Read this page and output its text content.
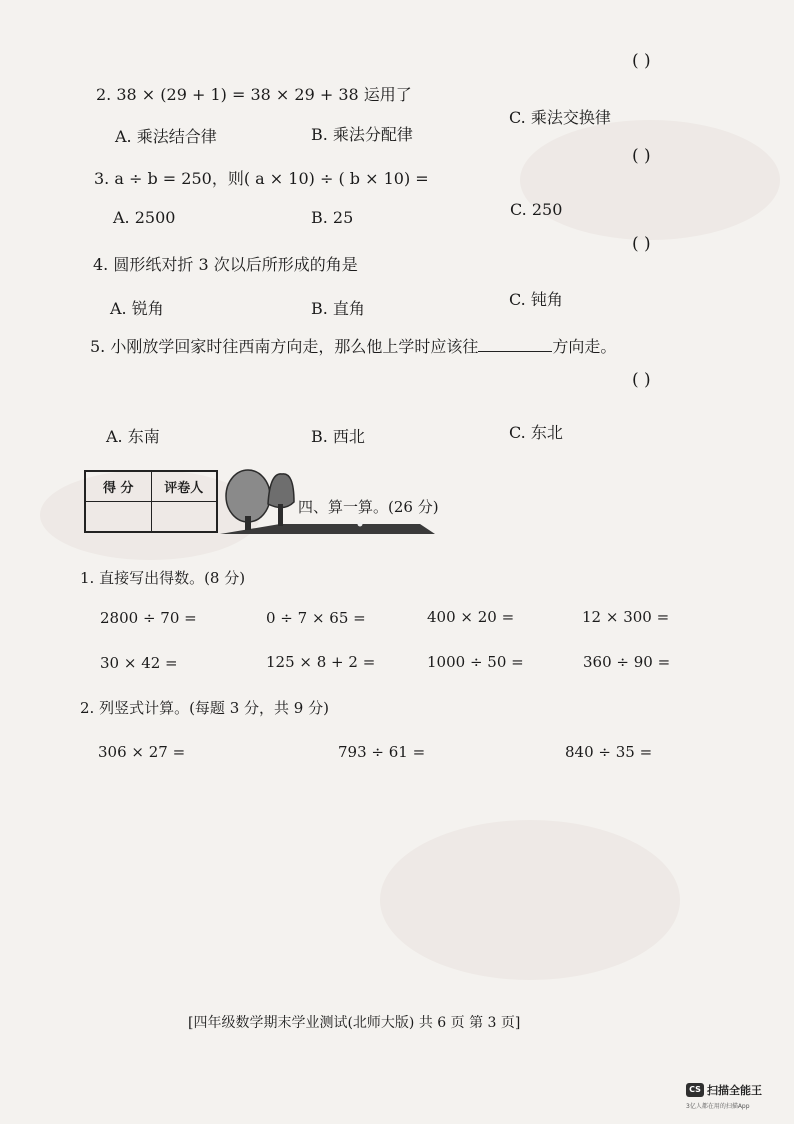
( )
2. 38 × (29 + 1) = 38 × 29 + 38 运用了
A. 乘法结合律	B. 乘法分配律
C. 乘法交换律
( )
3. a ÷ b = 250，则( a × 10) ÷ ( b × 10) =
A. 2500	B. 25	C. 250
( )
4. 圆形纸对折 3 次以后所形成的角是
A. 锐角	B. 直角	C. 钝角
5. 小刚放学回家时往西南方向走，那么他上学时应该往	方向走。
( )
A. 东南	B. 西北	C. 东北
得 分	评卷人

四、算一算。(26 分)
1. 直接写出得数。(8 分)
2800 ÷ 70 =	0 ÷ 7 × 65 =	400 × 20 =	12 × 300 =
30 × 42 =	125 × 8 + 2 =	1000 ÷ 50 =	360 ÷ 90 =
2. 列竖式计算。(每题 3 分，共 9 分)
306 × 27 =	793 ÷ 61 =	840 ÷ 35 =
[四年级数学期末学业测试(北师大版) 共 6 页 第 3 页]
CS 扫描全能王
3亿人都在用的扫描App
